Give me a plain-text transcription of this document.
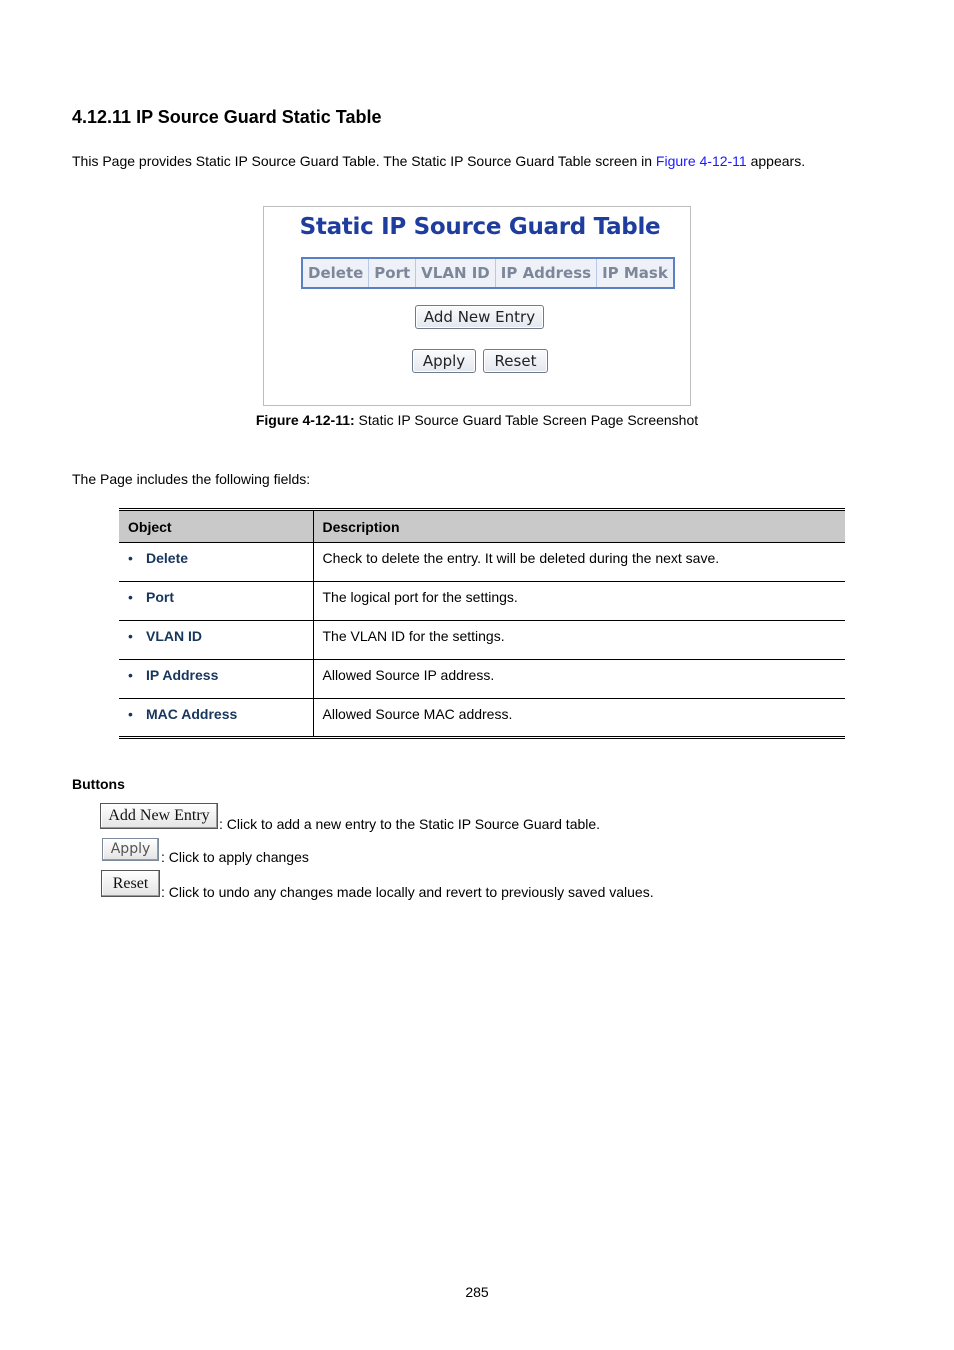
4.12.11 IP Source Guard Static Table
This Page provides Static IP Source Guard Table. The Static IP Source Guard Table screen in Figure 4-12-11 appears.
Static IP Source Guard Table
Delete Port VLAN ID IP Address IP Mask
Add New Entry
Apply	Reset
Figure 4-12-11: Static IP Source Guard Table Screen Page Screenshot
The Page includes the following fields:
Object	Description
• Delete	Check to delete the entry. It will be deleted during the next save.
• Port	The logical port for the settings.
• VLAN ID	The VLAN ID for the settings.
• IP Address	Allowed Source IP address.
• MAC Address	Allowed Source MAC address.
Buttons
Add New Entry : Click to add a new entry to the Static IP Source Guard table.
Apply : Click to apply changes
Reset : Click to undo any changes made locally and revert to previously saved values.
285
